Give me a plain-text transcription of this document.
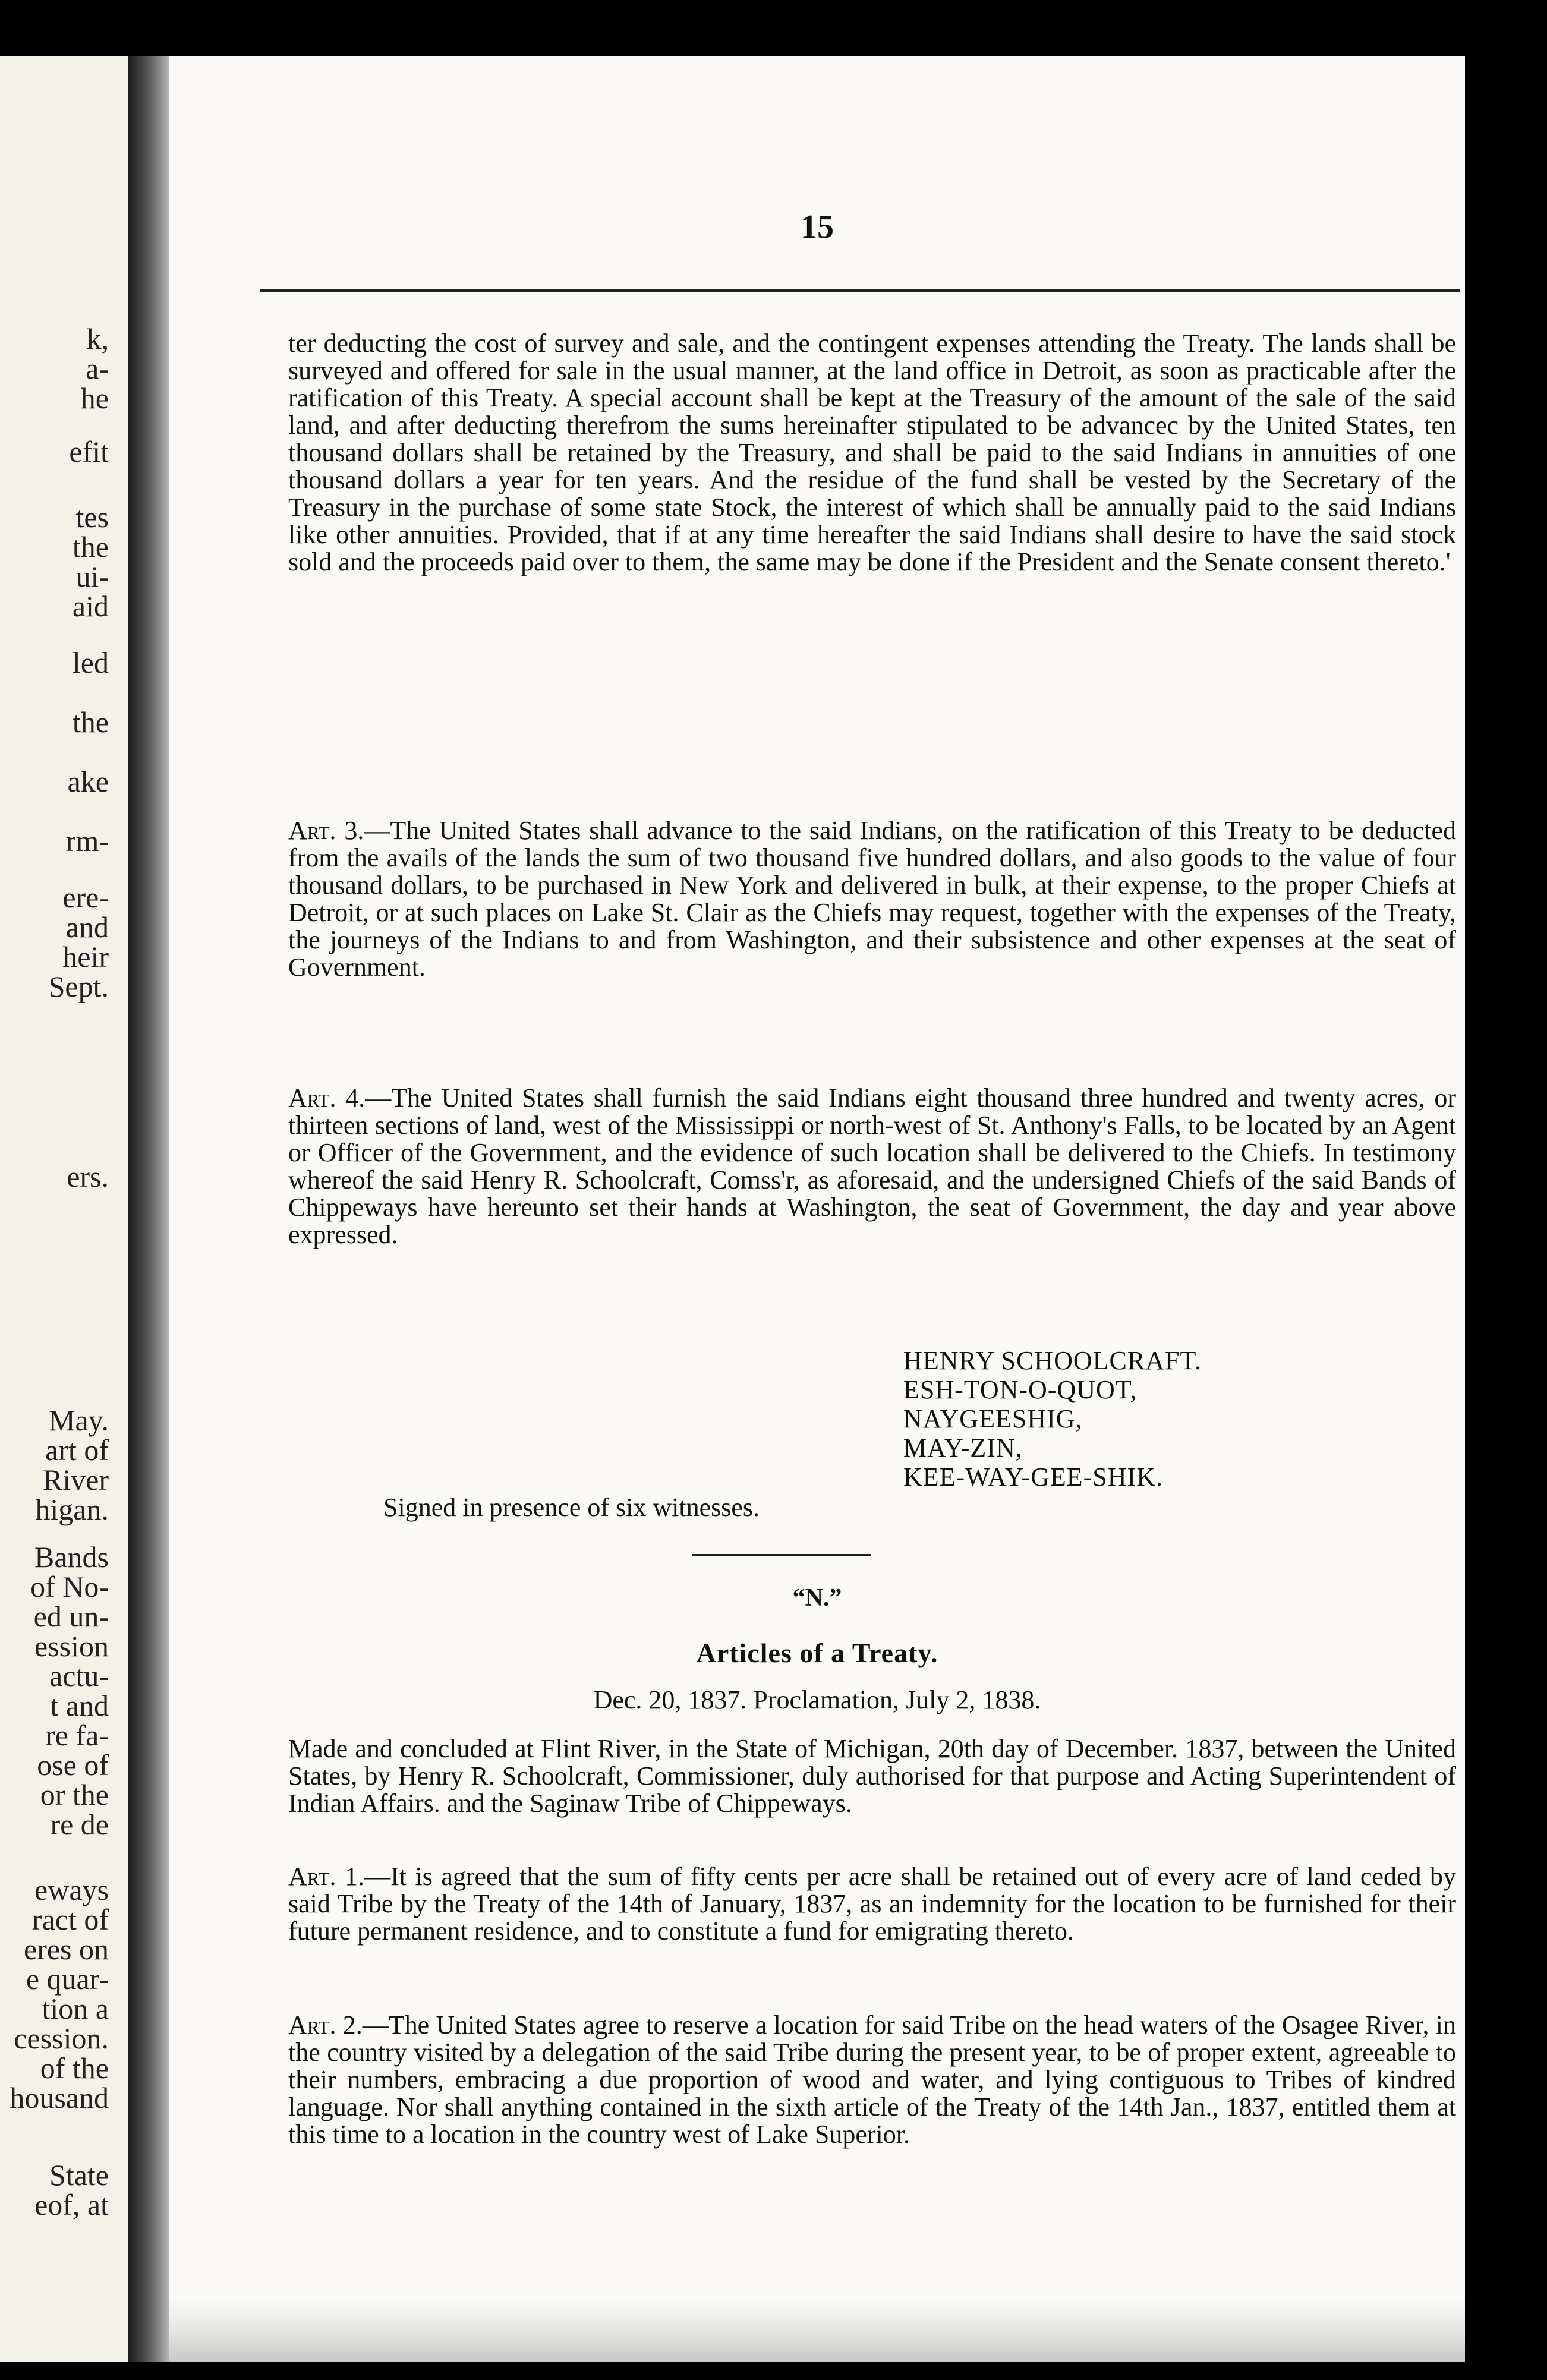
k,
a-
he
efit
tes
the
ui-
aid
led
the
ake
rm-
ere-
and
heir
Sept.
ers.
May.
art of
River
higan.
Bands
of No-
ed un-
ession
actu-
t and
re fa-
ose of
or the
re de
eways
ract of
eres on
e quar-
tion a
cession.
of the
housand
State
eof, at
15

ter deducting the cost of survey and sale, and the contingent expenses attending the Treaty. The lands shall be surveyed and offered for sale in the usual manner, at the land office in Detroit, as soon as practicable after the ratification of this Treaty. A special account shall be kept at the Treasury of the amount of the sale of the said land, and after deducting therefrom the sums hereinafter stipulated to be advancec by the United States, ten thousand dollars shall be retained by the Treasury, and shall be paid to the said Indians in annuities of one thousand dollars a year for ten years. And the residue of the fund shall be vested by the Secretary of the Treasury in the purchase of some state Stock, the interest of which shall be annually paid to the said Indians like other annuities. Provided, that if at any time hereafter the said Indians shall desire to have the said stock sold and the proceeds paid over to them, the same may be done if the President and the Senate consent thereto.'

Art. 3.—The United States shall advance to the said Indians, on the ratification of this Treaty to be deducted from the avails of the lands the sum of two thousand five hundred dollars, and also goods to the value of four thousand dollars, to be purchased in New York and delivered in bulk, at their expense, to the proper Chiefs at Detroit, or at such places on Lake St. Clair as the Chiefs may request, together with the expenses of the Treaty, the journeys of the Indians to and from Washington, and their subsistence and other expenses at the seat of Government.

Art. 4.—The United States shall furnish the said Indians eight thousand three hundred and twenty acres, or thirteen sections of land, west of the Mississippi or north-west of St. Anthony's Falls, to be located by an Agent or Officer of the Government, and the evidence of such location shall be delivered to the Chiefs. In testimony whereof the said Henry R. Schoolcraft, Comss'r, as aforesaid, and the undersigned Chiefs of the said Bands of Chippeways have hereunto set their hands at Washington, the seat of Government, the day and year above expressed.

HENRY SCHOOLCRAFT.
ESH-TON-O-QUOT,
NAYGEESHIG,
MAY-ZIN,
KEE-WAY-GEE-SHIK.
Signed in presence of six witnesses.
“N.”
Articles of a Treaty.
Dec. 20, 1837. Proclamation, July 2, 1838.

Made and concluded at Flint River, in the State of Michigan, 20th day of December. 1837, between the United States, by Henry R. Schoolcraft, Commissioner, duly authorised for that purpose and Acting Superintendent of Indian Affairs. and the Saginaw Tribe of Chippeways.

Art. 1.—It is agreed that the sum of fifty cents per acre shall be retained out of every acre of land ceded by said Tribe by the Treaty of the 14th of January, 1837, as an indemnity for the location to be furnished for their future permanent residence, and to constitute a fund for emigrating thereto.

Art. 2.—The United States agree to reserve a location for said Tribe on the head waters of the Osagee River, in the country visited by a delegation of the said Tribe during the present year, to be of proper extent, agreeable to their numbers, embracing a due proportion of wood and water, and lying contiguous to Tribes of kindred language. Nor shall anything contained in the sixth article of the Treaty of the 14th Jan., 1837, entitled them at this time to a location in the country west of Lake Superior.
